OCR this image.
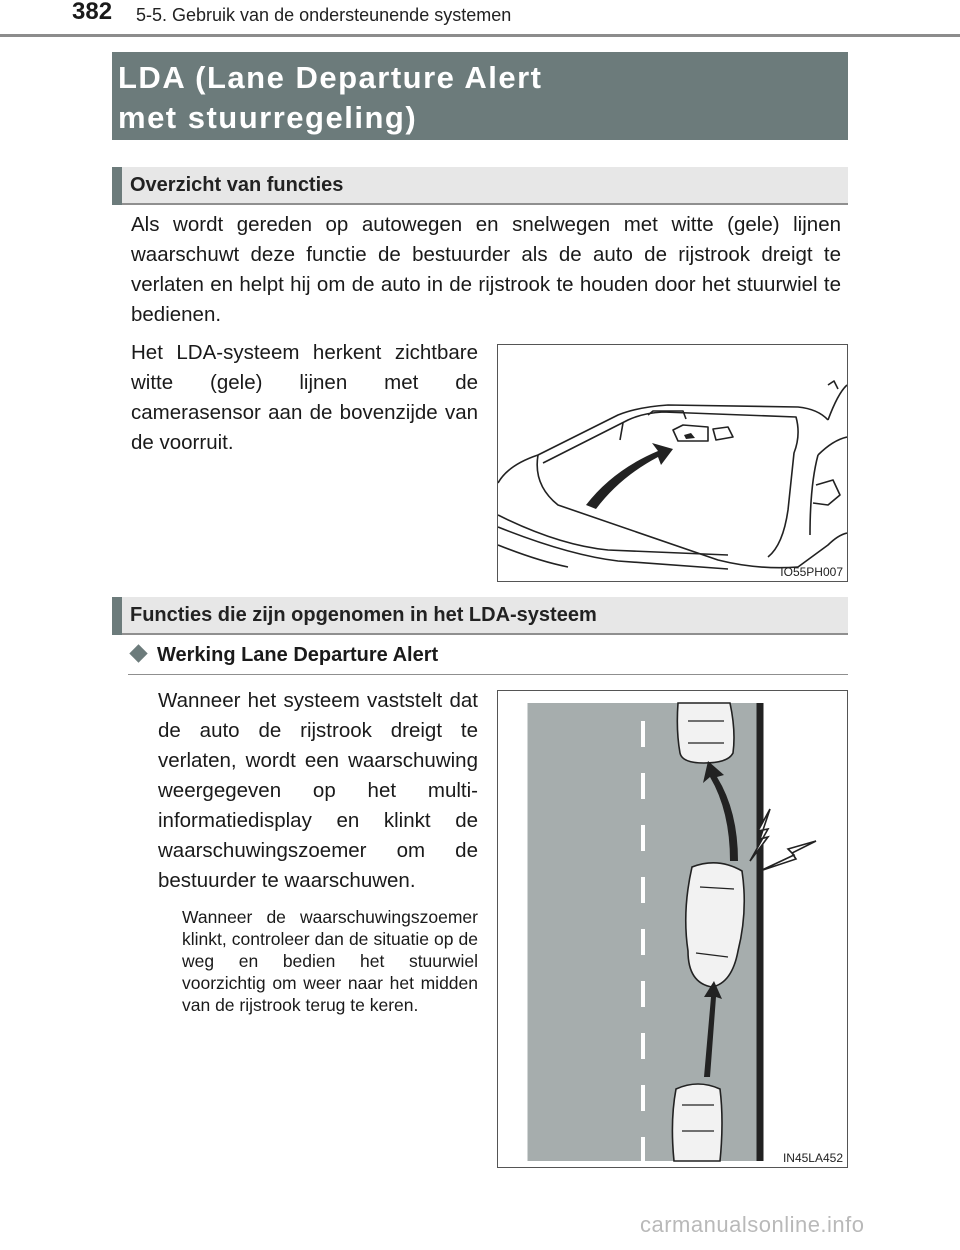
382 5-5. Gebruik van de ondersteunende systemen
LDA (Lane Departure Alert
met stuurregeling)
Overzicht van functies
Als wordt gereden op autowegen en snelwegen met witte (gele) lijnen waarschuwt deze functie de bestuurder als de auto de rijstrook dreigt te verlaten en helpt hij om de auto in de rijstrook te houden door het stuurwiel te bedienen.
Het LDA-systeem herkent zichtbare witte (gele) lijnen met de camerasensor aan de bovenzijde van de voorruit.
IO55PH007
Functies die zijn opgenomen in het LDA-systeem
Werking Lane Departure Alert
Wanneer het systeem vaststelt dat de auto de rijstrook dreigt te verlaten, wordt een waarschuwing weergegeven op het multi-informatiedisplay en klinkt de waarschuwingszoemer om de bestuurder te waarschuwen.
Wanneer de waarschuwingszoemer klinkt, controleer dan de situatie op de weg en bedien het stuurwiel voorzichtig om weer naar het midden van de rijstrook terug te keren.
IN45LA452
carmanualsonline.info
